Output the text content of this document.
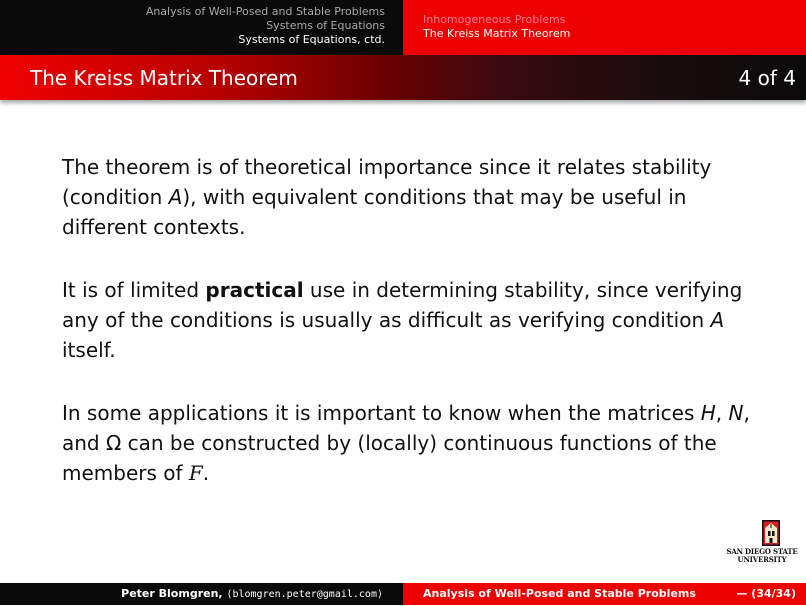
Analysis of Well-Posed and Stable Problems
Systems of Equations
Systems of Equations, ctd.
Inhomogeneous Problems
The Kreiss Matrix Theorem
The Kreiss Matrix Theorem	4 of 4

The theorem is of theoretical importance since it relates stability (condition A), with equivalent conditions that may be useful in different contexts.

It is of limited practical use in determining stability, since verifying any of the conditions is usually as difficult as verifying condition A itself.

In some applications it is important to know when the matrices H, N, and Ω can be constructed by (locally) continuous functions of the members of F.

SAN DIEGO STATE
UNIVERSITY
Peter Blomgren, ⟨blomgren.peter@gmail.com⟩	Analysis of Well-Posed and Stable Problems	— (34/34)
